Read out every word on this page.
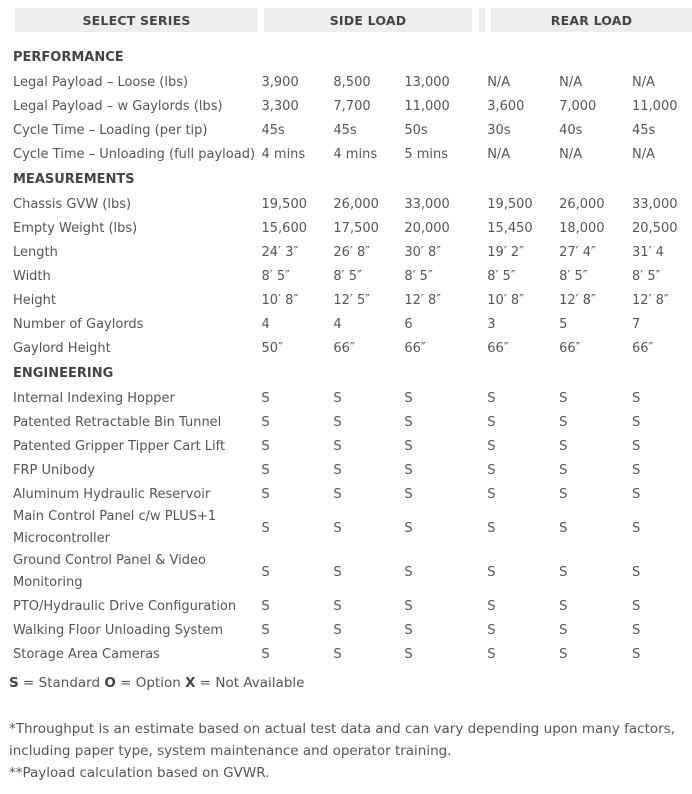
SELECT SERIES	SIDE LOAD	REAR LOAD
PERFORMANCE						
Legal Payload – Loose (lbs)	3,900	8,500	13,000	N/A	N/A	N/A
Legal Payload – w Gaylords (lbs)	3,300	7,700	11,000	3,600	7,000	11,000
Cycle Time – Loading (per tip)	45s	45s	50s	30s	40s	45s
Cycle Time – Unloading (full payload)	4 mins	4 mins	5 mins	N/A	N/A	N/A
MEASUREMENTS						
Chassis GVW (lbs)	19,500	26,000	33,000	19,500	26,000	33,000
Empty Weight (lbs)	15,600	17,500	20,000	15,450	18,000	20,500
Length	24′ 3″	26′ 8″	30′ 8″	19′ 2″	27′ 4″	31′ 4
Width	8′ 5″	8′ 5″	8′ 5″	8′ 5″	8′ 5″	8′ 5″
Height	10′ 8″	12′ 5″	12′ 8″	10′ 8″	12′ 8″	12′ 8″
Number of Gaylords	4	4	6	3	5	7
Gaylord Height	50″	66″	66″	66″	66″	66″
ENGINEERING						
Internal Indexing Hopper	S	S	S	S	S	S
Patented Retractable Bin Tunnel	S	S	S	S	S	S
Patented Gripper Tipper Cart Lift	S	S	S	S	S	S
FRP Unibody	S	S	S	S	S	S
Aluminum Hydraulic Reservoir	S	S	S	S	S	S
Main Control Panel c/w PLUS+1 Microcontroller	S	S	S	S	S	S
Ground Control Panel & Video Monitoring	S	S	S	S	S	S
PTO/Hydraulic Drive Configuration	S	S	S	S	S	S
Walking Floor Unloading System	S	S	S	S	S	S
Storage Area Cameras	S	S	S	S	S	S
S = Standard O = Option X = Not Available
*Throughput is an estimate based on actual test data and can vary depending upon many factors,
including paper type, system maintenance and operator training.
**Payload calculation based on GVWR.
